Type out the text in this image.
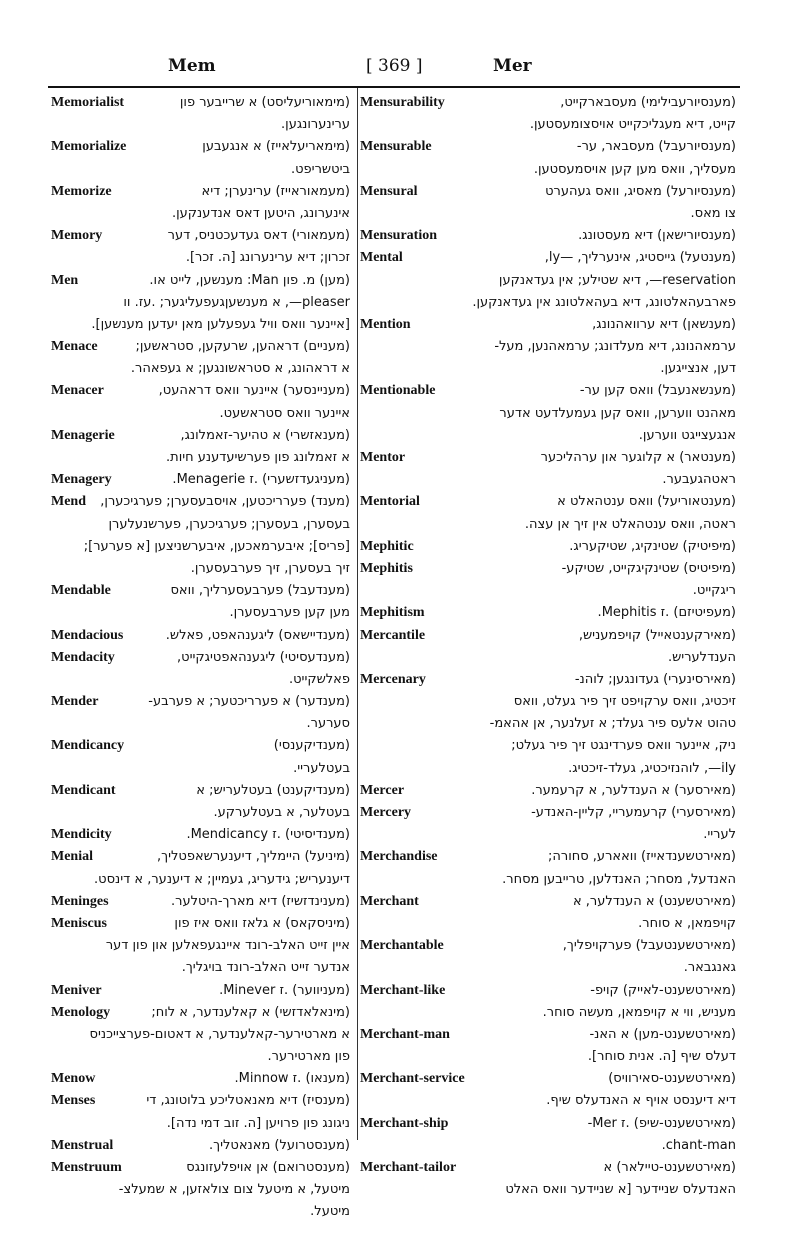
Mem	[ 369 ]	Mer
Memorialist	(מימאוריעליסט) א שרייבער פון
ערינערונגען.
Memorialize	(מימאריעלאייז) א אנגעבען
ביטשריפט.
Memorize	(מעמאוראייז) ערינערן; דיא
אינערונג, היטען דאס אנדענקען.
Memory	(מעמאורי) דאס געדעכטניס, דער
זכרון; דיא ערינערונג [ה. זכר].
Men	(מען) מ. פון Man: מענשען, לייט או.
pleaser—, א מענשעןגעפעליגער; .עז. וו
[איינער וואס וויל געפעלען מאן יעדען מענשען].
Menace	(מעניים) דראהען, שרעקען, סטראשען;
א דראהונג, א סטראשונגען; א געפאהר.
Menacer	(מעניינסער) איינער וואס דראהעט,
איינער וואס סטראשעט.
Menagerie	(מענאזשרי) א טהיער-זאמלונג,
א זאמלונג פון פערשיעדענע חיות.
Menagery	(מעניגעדזשערי) .ז Menagerie.
Mend (מענד) פערריכטען, אויסבעסערן; פערגיכערן,
בעסערן, בעסערן; פערגיכערן, פערשנעלערן
[פריס]; איבערמאכען, איבערשניצען [א פערער];
זיך בעסערן, זיך פערבעסערן.
Mendable	(מענדעבל) פערבעסערליך, וואס
מען קען פערבעסערן.
Mendacious	(מענדיישאס) ליגענהאפט, פאלש.
Mendacity	(מענדעסיטי) ליגענהאפטיגקייט,
פאלשקייט.
Mender	(מענדער) א פערריכטער; א פערבע-
סערער.
Mendicancy	(מענדיקענסי)
בעטלעריי.
Mendicant	(מענדיקענט) בעטלעריש; א
בעטלער, א בעטלערקע.
Mendicity	(מענדיסיטי) .ז Mendicancy.
Menial	(מיניעל) היימליך, דיענערשאפטליך,
דיענעריש; גידעריג, געמיין; א דיענער, א דינסט.
Meninges	(מענינדזשיז) דיא מארך-היטלער.
Meniscus	(מיניסקאס) א גלאז וואס איז פון
איין זייט האלב-רונד איינגעפאלען און פון דער
אנדער זייט האלב-רונד בויגליך.
Meniver	(מעניווער) .ז Minever.
Menology	(מינאלאדזשי) א קאלענדער, א לוח;
א מארטירער-קאלענדער, א דאטום-פערצייכניס
פון מארטירער.
Menow	(מענאו) .ז Minnow.
Menses	(מענסיז) דיא מאנאטליכע בלוטונג, די
ניגונג פון פרויען [ה. זוב דמי נדה].
Menstrual	(מענסטרועל) מאנאטליך.
Menstruum	(מענסטרואם) אן אויפלעזונגס
מיטעל, א מיטעל צום צולאזען, א שמעלצ-
מיטעל.
Mensurability	(מענסיורעבילימי) מעסבארקייט,
קייט, דיא מעגליכקייט אויסצומעסטען.
Mensurable	(מענסיורעבל) מעסבאר, ער-
מעסליך, וואס מען קען אויסמעסטען.
Mensural	(מענסיורעל) מאסיג, וואס געהערט
צו מאס.
Mensuration	(מענסיורישאן) דיא מעסטונג.
Mental	(מענטעל) גייסטיג, אינערליך, —ly,
reservation—, דיא שטילע; אין געדאנקען
פארבעהאלטונג, דיא בעהאלטונג אין געדאנקען.
Mention	(מענשאן) דיא ערוואהנונג,
ערמאהנונג, דיא מעלדונג; ערמאהנען, מעל-
דען, אנצייגען.
Mentionable	(מענשאנעבל) וואס קען ער-
מאהנט ווערען, וואס קען געמעלדעט אדער
אנגעצייגט ווערען.
Mentor	(מענטאר) א קלוגער און ערהליכער
ראטהגעבער.
Mentorial	(מענטאוריעל) וואס ענטהאלט א
ראטה, וואס ענטהאלט אין זיך אן עצה.
Mephitic	(מיפיטיק) שטינקיג, שטיקעריג.
Mephitis	(מיפיטיס) שטינקיגקייט, שטיקע-
ריגקייט.
Mephitism	(מעפיטיזם) .ז Mephitis.
Mercantile	(מאירקענטאייל) קויפמעניש,
הענדלעריש.
Mercenary	(מאירסינערי) געדונגען; לוהנ-
זיכטיג, וואס ערקויפט זיך פיר געלט, וואס
טהוט אלעס פיר געלד; א זעלנער, אן אהאמ-
ניק, איינער וואס פערדינגט זיך פיר געלט;
ily—, לוהנזיכטיג, געלד-זיכטיג.
Mercer	(מאירסער) א הענדלער, א קרעמער.
Mercery	(מאירסערי) קרעמעריי, קליין-האנדע-
לעריי.
Merchandise	(מאירטשענדאייז) וואארע, סחורה;
האנדעל, מסחר; האנדלען, טרייבען מסחר.
Merchant	(מאירטשענט) א הענדלער, א
קויפמאן, א סוחר.
Merchantable	(מאירטשענטעבל) פערקויפליך,
גאנגבאר.
Merchant-like	(מאירטשענט-לאייק) קויפ-
מעניש, ווי א קויפמאן, מעשה סוחר.
Merchant-man	(מאירטשענט-מען) א האנ-
דעלס שיף [ה. אנית סוחר].
Merchant-service	(מאירטשענט-סאירוויס)
דיא דיענסט אויף א האנדעלס שיף.
Merchant-ship	(מאירטשענט-שיפ) .ז Mer-
chant-man.
Merchant-tailor	(מאירטשענט-טיילאר) א
האנדעלס שניידער [א שניידער וואס האלט
